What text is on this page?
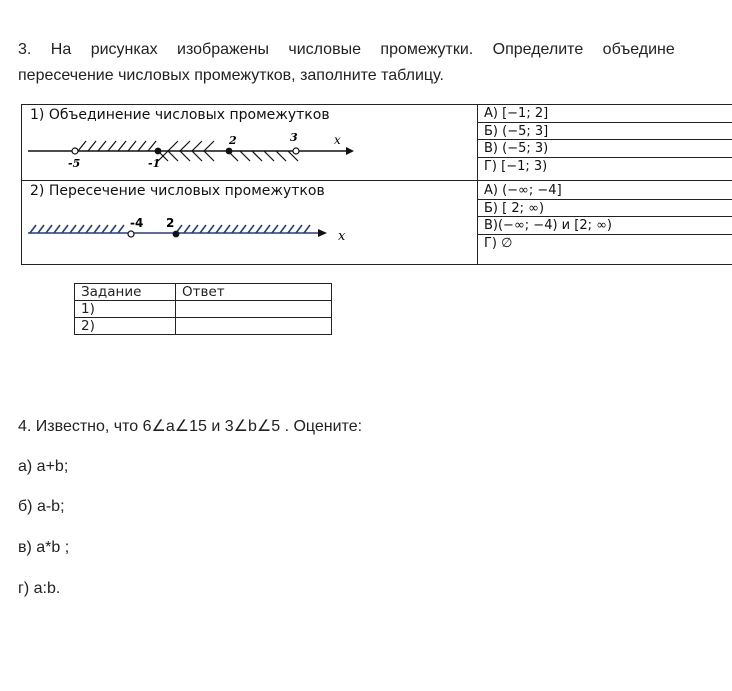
3. На рисунках изображены числовые промежутки. Определите объедине
пересечение числовых промежутков, заполните таблицу.
1) Объединение числовых промежутков
-5	-1
2	3	x
А) [−1; 2]
Б) (−5; 3]
В) (−5; 3)
Г) [−1; 3)
2) Пересечение числовых промежутков
-4 2
x
А) (−∞; −4]
Б) [ 2; ∞)
В)(−∞; −4) и [2; ∞)
Г) ∅
Задание	Ответ
1)	
2)	
4. Известно, что 6∠a∠15 и 3∠b∠5 . Оцените:
а) a+b;
б) a-b;
в) a*b ;
г) a:b.
